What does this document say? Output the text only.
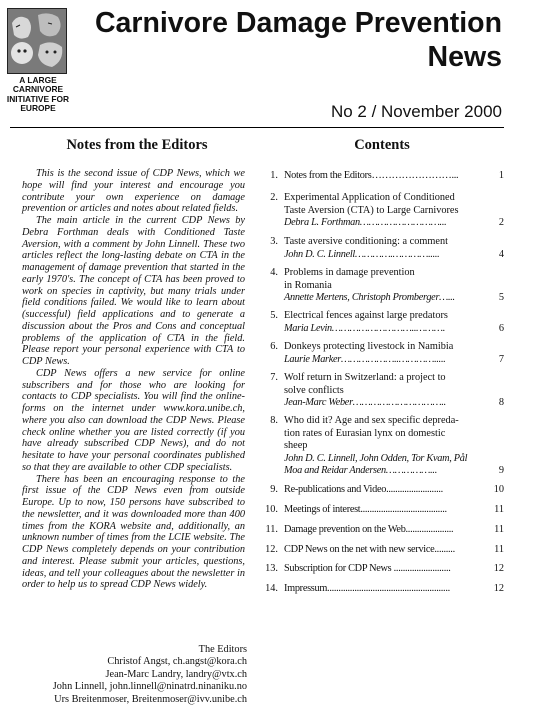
A LARGE CARNIVORE INITIATIVE FOR EUROPE
Carnivore Damage Prevention
News
No 2 / November 2000
Notes from the Editors	Contents

This is the second issue of CDP News, which we hope will find your interest and encourage you contribute your own experience on damage prevention or articles and notes about related fields.

The main article in the current CDP News by Debra Forthman deals with Conditioned Taste Aversion, with a comment by John Linnell. These two articles reflect the long-lasting debate on CTA in the management of damage prevention that started in the early 1970's. The concept of CTA has been proved to work on species in captivity, but many trials under field conditions failed. We would like to learn about (successful) field applications and to generate a discussion about the Pros and Cons and conceptual problems of the application of CTA in the field. Please report your personal experience with CTA to CDP News.

CDP News offers a new service for online subscribers and for those who are looking for contacts to CDP specialists. You will find the online-forms on the internet under www.kora.unibe.ch, where you also can download the CDP News. Please check online whether you are listed correctly (if you have already subscribed CDP News), and do not hesitate to have your personal coordinates published so that they are available to other CDP specialists.

There has been an encouraging response to the first issue of the CDP News even from outside Europe. Up to now, 150 persons have subscribed to the newsletter, and it was downloaded more than 400 times from the KORA website and, additionally, an unknown number of times from the LCIE website. The CDP News completely depends on your contribution and interest. Please submit your articles, questions, ideas, and tell your colleagues about the newsletter in order to help us to spread CDP News widely.

The Editors
Christof Angst, ch.angst@kora.ch
Jean-Marc Landry, landry@vtx.ch
John Linnell, john.linnell@ninatrd.ninaniku.no
Urs Breitenmoser, Breitenmoser@ivv.unibe.ch
1. Notes from the Editors……………………...	1
2. Experimental Application of Conditioned
Taste Aversion (CTA) to Large Carnivores
Debra L. Forthman………………………...	2
3. Taste aversive conditioning: a comment
John D. C. Linnell………….………….....	4
4. Problems in damage prevention
in Romania
Annette Mertens, Christoph Promberger…...	5
5. Electrical fences against large predators
Maria Levin………………………..……….	6
6. Donkeys protecting livestock in Namibia
Laurie Marker………………..………….....	7
7. Wolf return in Switzerland: a project to
solve conflicts
Jean-Marc Weber…………………………..	8
8. Who did it? Age and sex specific depreda-
tion rates of Eurasian lynx on domestic
sheep
John D. C. Linnell, John Odden, Tor Kvam, Pål Moa and Reidar Andersen……………...	9
9. Re-publications and Video.........................	10
10. Meetings of interest......................................	11
11. Damage prevention on the Web.....................	11
12. CDP News on the net with new service.........	11
13. Subscription for CDP News .........................	12
14. Impressum......................................................	12
